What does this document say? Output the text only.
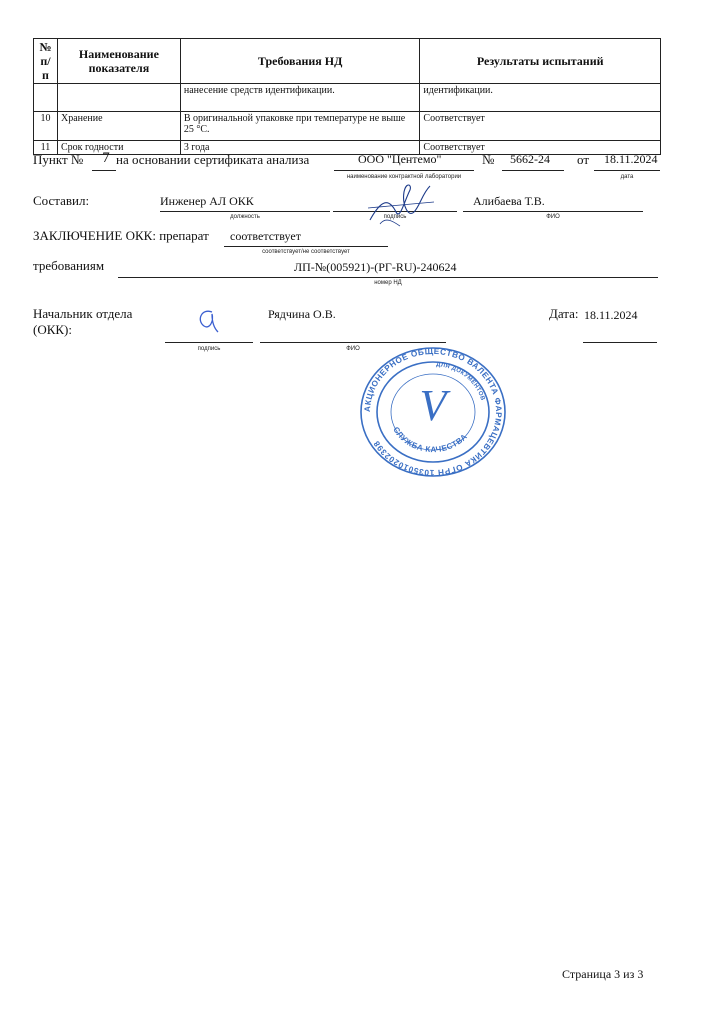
№ п/п	Наименование показателя	Требования НД	Результаты испытаний
		нанесение средств идентификации.	идентификации.
10	Хранение	В оригинальной упаковке при температуре не выше 25 °С.	Соответствует
11	Срок годности	3 года	Соответствует
Пункт № 7 на основании сертификата анализа	ООО "Центемо"
наименование контрактной лаборатории
№ 5662-24 от 18.11.2024
дата
Составил:	Инженер АЛ ОКК
должность	подпись
Алибаева Т.В.
ФИО
ЗАКЛЮЧЕНИЕ ОКК: препарат соответствует
соответствует/не соответствует
требованиям	ЛП-№(005921)-(РГ-RU)-240624
номер НД
Начальник отдела
(ОКК):
подпись
Рядчина О.В.
ФИО
Дата: 18.11.2024
АКЦИОНЕРНОЕ ОБЩЕСТВО ВАЛЕНТА ФАРМАЦЕВТИКА ОГРН 1035010202398
ДЛЯ ДОКУМЕНТОВ
V
СЛУЖБА КАЧЕСТВА
Страница 3 из 3
